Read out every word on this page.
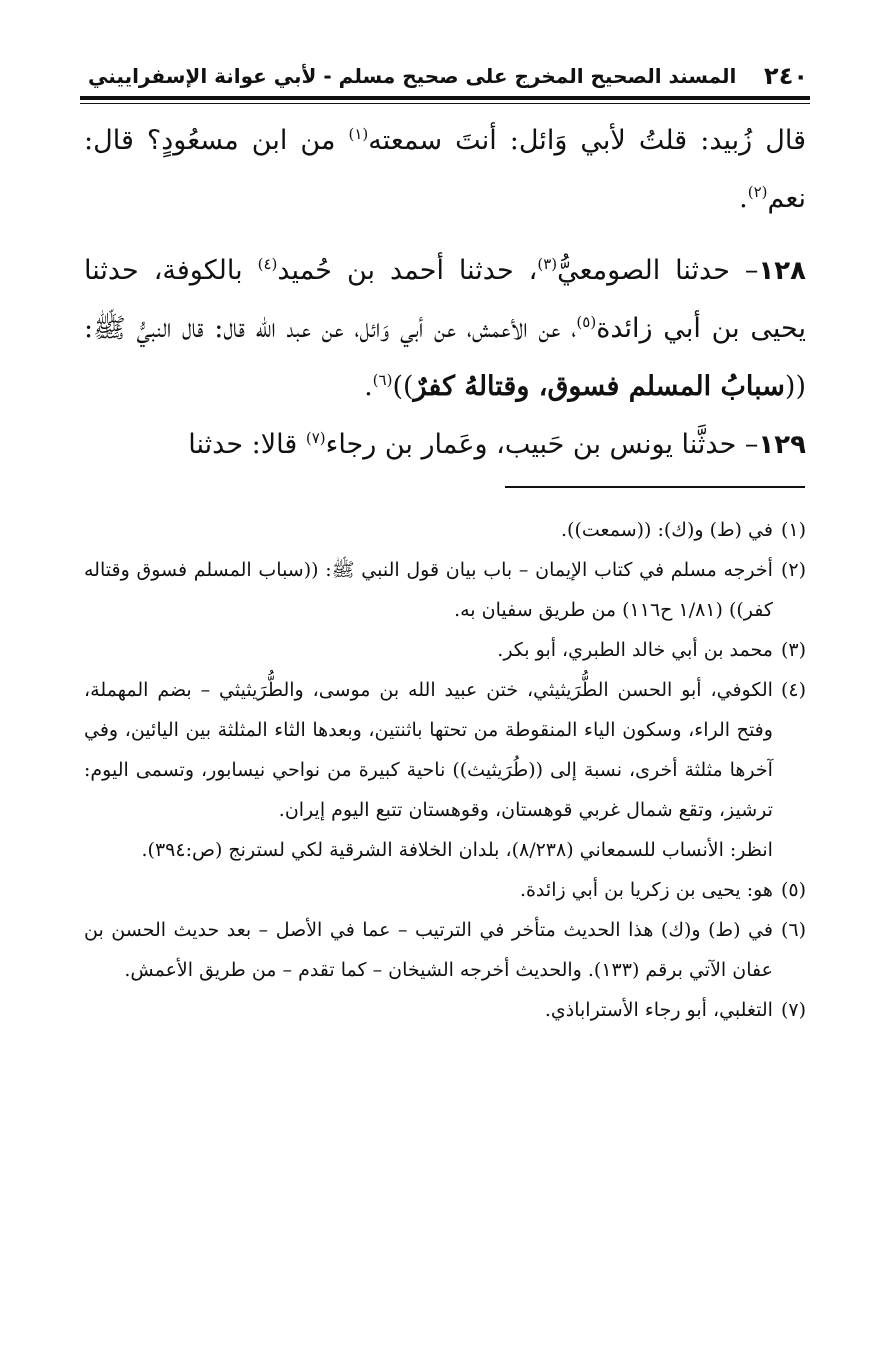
٢٤٠
المسند الصحيح المخرج على صحيح مسلم - لأبي عوانة الإسفراييني

قال زُبيد: قلتُ لأبي وَائل: أنتَ سمعته$^{(١)}$ من ابن مسعُودٍ؟ قال: نعم$^{(٢)}$.

١٢٨– حدثنا الصومعيُّ$^{(٣)}$، حدثنا أحمد بن حُميد$^{(٤)}$ بالكوفة، حدثنا يحيى بن أبي زائدة$^{(٥)}$، عن الأعمش، عن أبي وَائل، عن عبد الله قال: قال النبيُّ ﷺ: ((سبابُ المسلم فسوق، وقتالهُ كفرٌ))$^{(٦)}$.

١٢٩– حدثَّنا يونس بن حَبيب، وعَمار بن رجاء$^{(٧)}$ قالا: حدثنا

(١)

في (ط) و(ك): ((سمعت)).

(٢)

أخرجه مسلم في كتاب الإيمان – باب بيان قول النبي ﷺ: ((سباب المسلم فسوق وقتاله كفر)) (١/٨١ ح١١٦) من طريق سفيان به.

(٣)

محمد بن أبي خالد الطبري، أبو بكر.

(٤)

الكوفي، أبو الحسن الطُّرَيثيثي، ختن عبيد الله بن موسى، والطُّرَيثيثي – بضم المهملة، وفتح الراء، وسكون الياء المنقوطة من تحتها باثنتين، وبعدها الثاء المثلثة بين اليائين، وفي آخرها مثلثة أخرى، نسبة إلى ((طُرَيثيث)) ناحية كبيرة من نواحي نيسابور، وتسمى اليوم: ترشيز، وتقع شمال غربي قوهستان، وقوهستان تتبع اليوم إيران.

انظر: الأنساب للسمعاني (٨/٢٣٨)، بلدان الخلافة الشرقية لكي لسترنج (ص:٣٩٤).

(٥)

هو: يحيى بن زكريا بن أبي زائدة.

(٦)

في (ط) و(ك) هذا الحديث متأخر في الترتيب – عما في الأصل – بعد حديث الحسن بن عفان الآتي برقم (١٣٣). والحديث أخرجه الشيخان – كما تقدم – من طريق الأعمش.

(٧)

التغلبي، أبو رجاء الأستراباذي.
